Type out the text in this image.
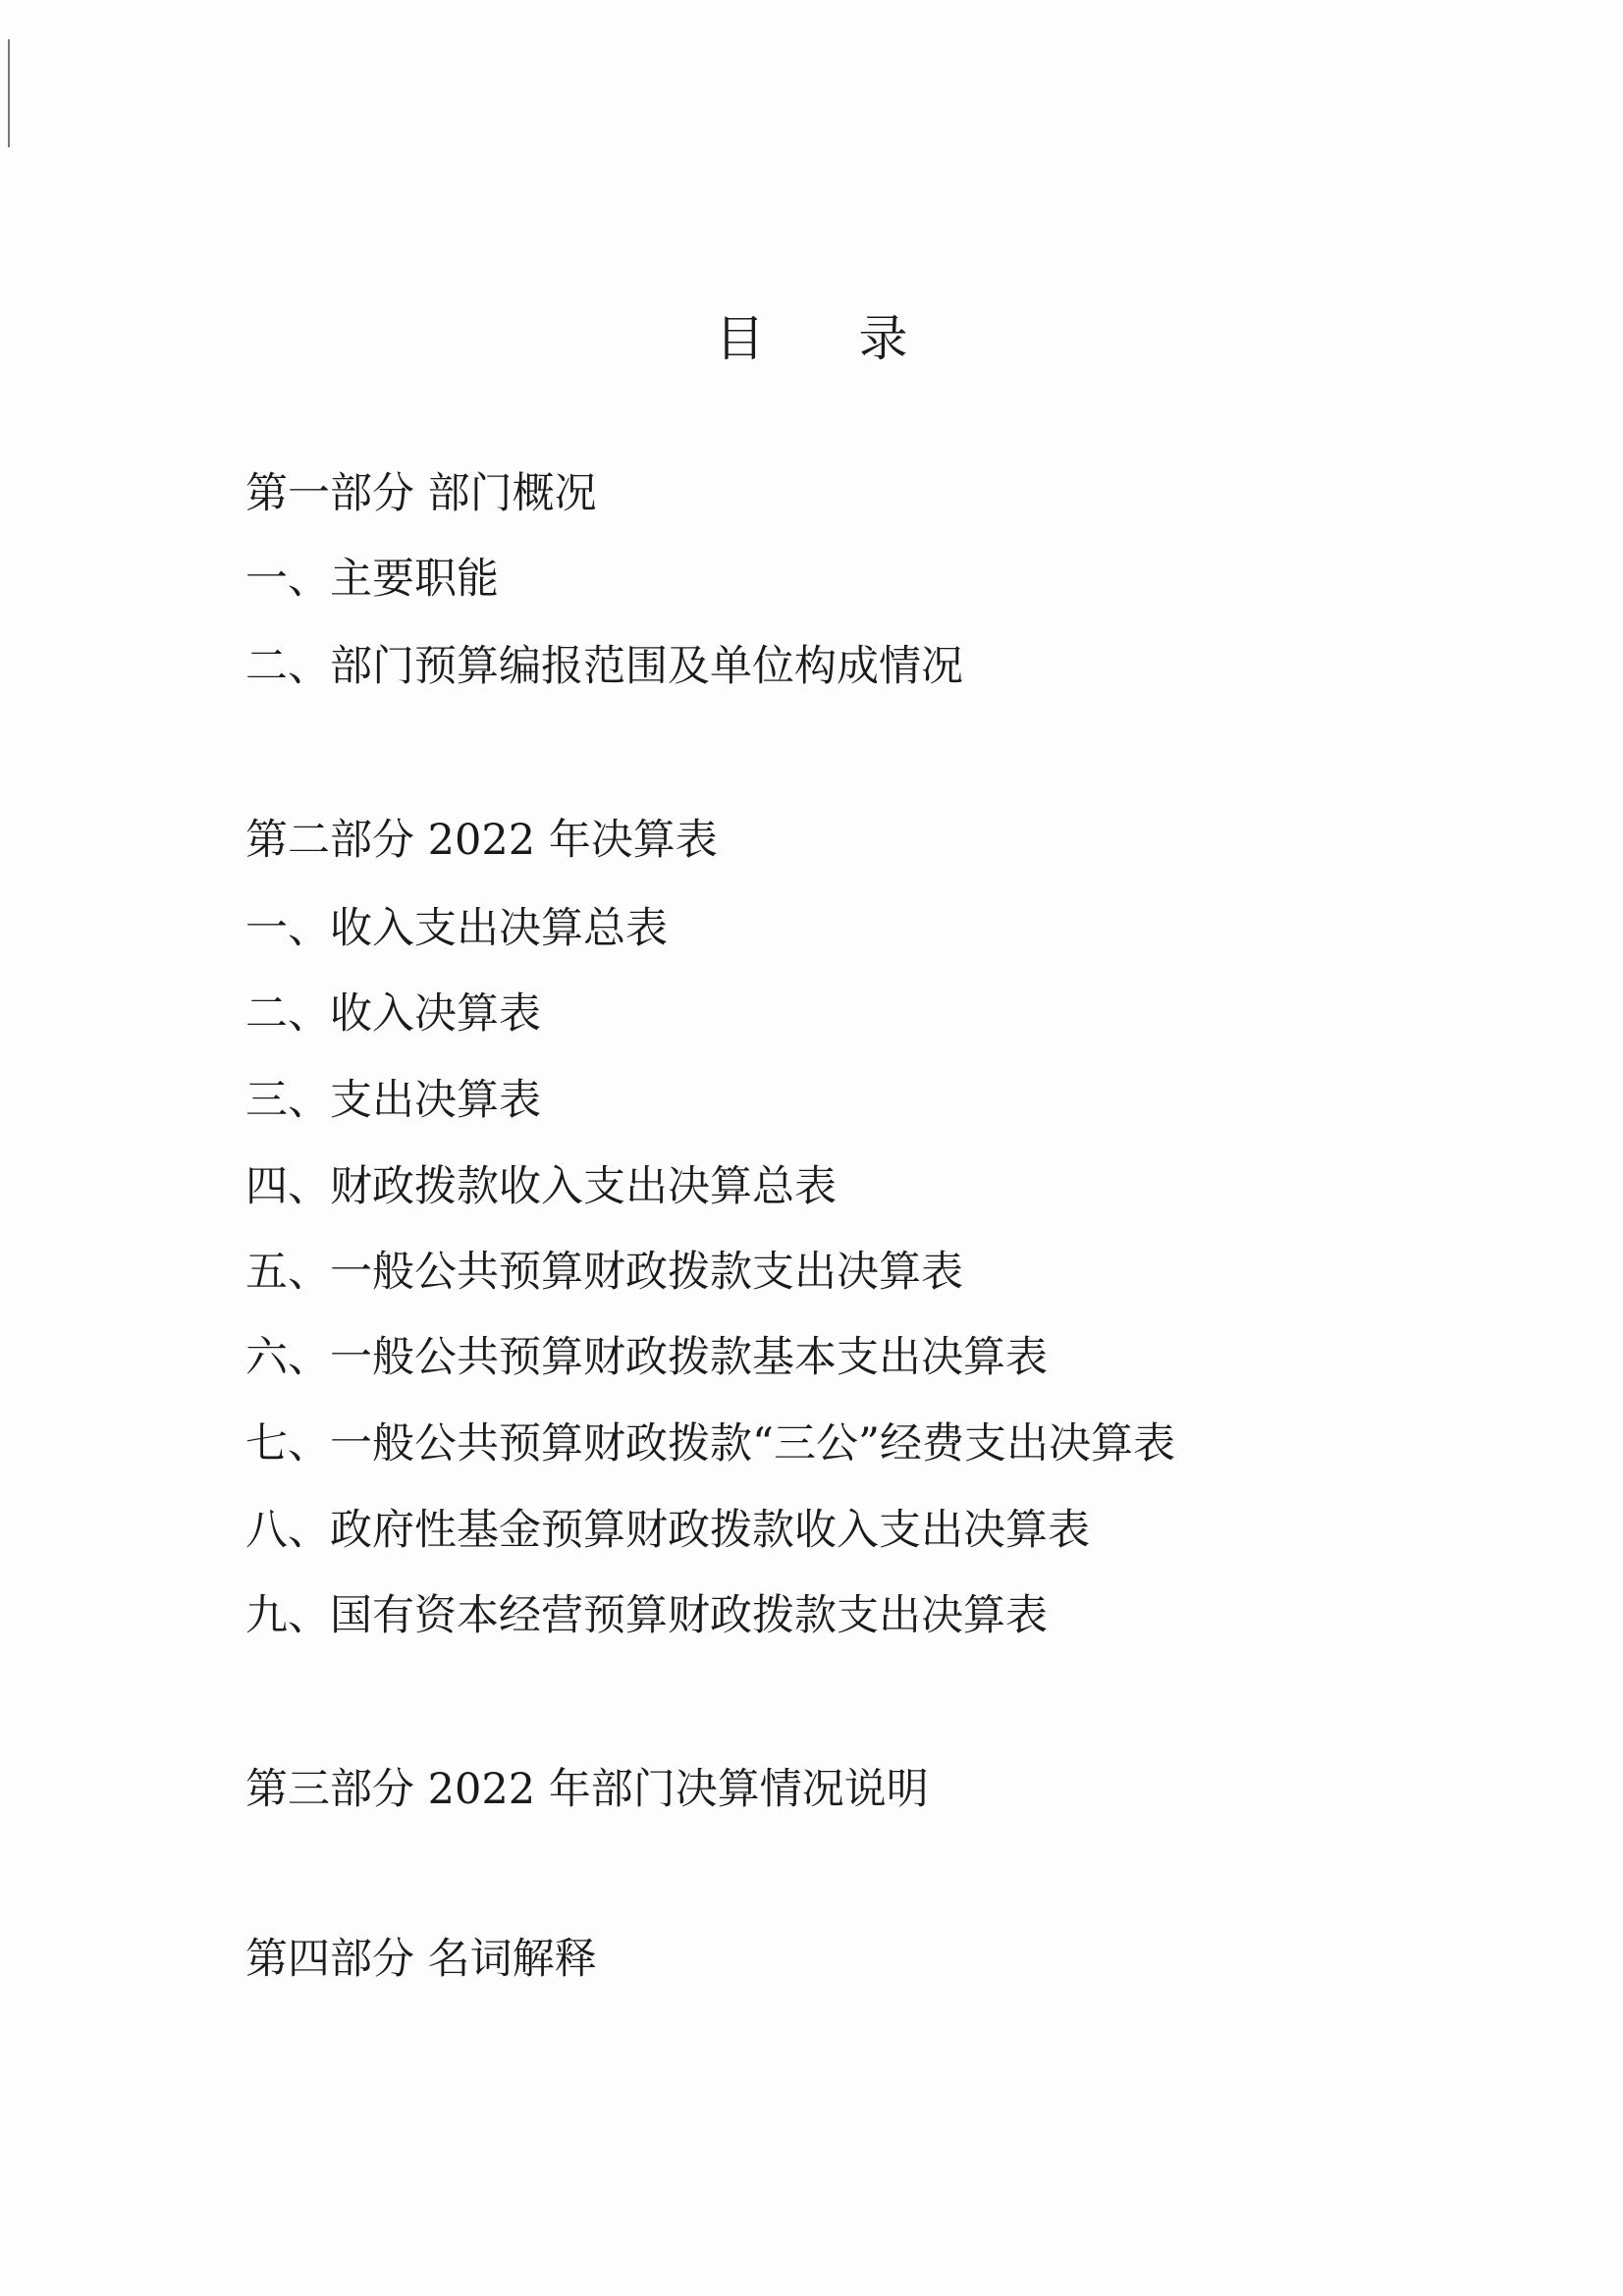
目 录
第一部分 部门概况
一、主要职能
二、部门预算编报范围及单位构成情况
第二部分 2022 年决算表
一、收入支出决算总表
二、收入决算表
三、支出决算表
四、财政拨款收入支出决算总表
五、一般公共预算财政拨款支出决算表
六、一般公共预算财政拨款基本支出决算表
七、一般公共预算财政拨款“三公”经费支出决算表
八、政府性基金预算财政拨款收入支出决算表
九、国有资本经营预算财政拨款支出决算表
第三部分 2022 年部门决算情况说明
第四部分 名词解释
